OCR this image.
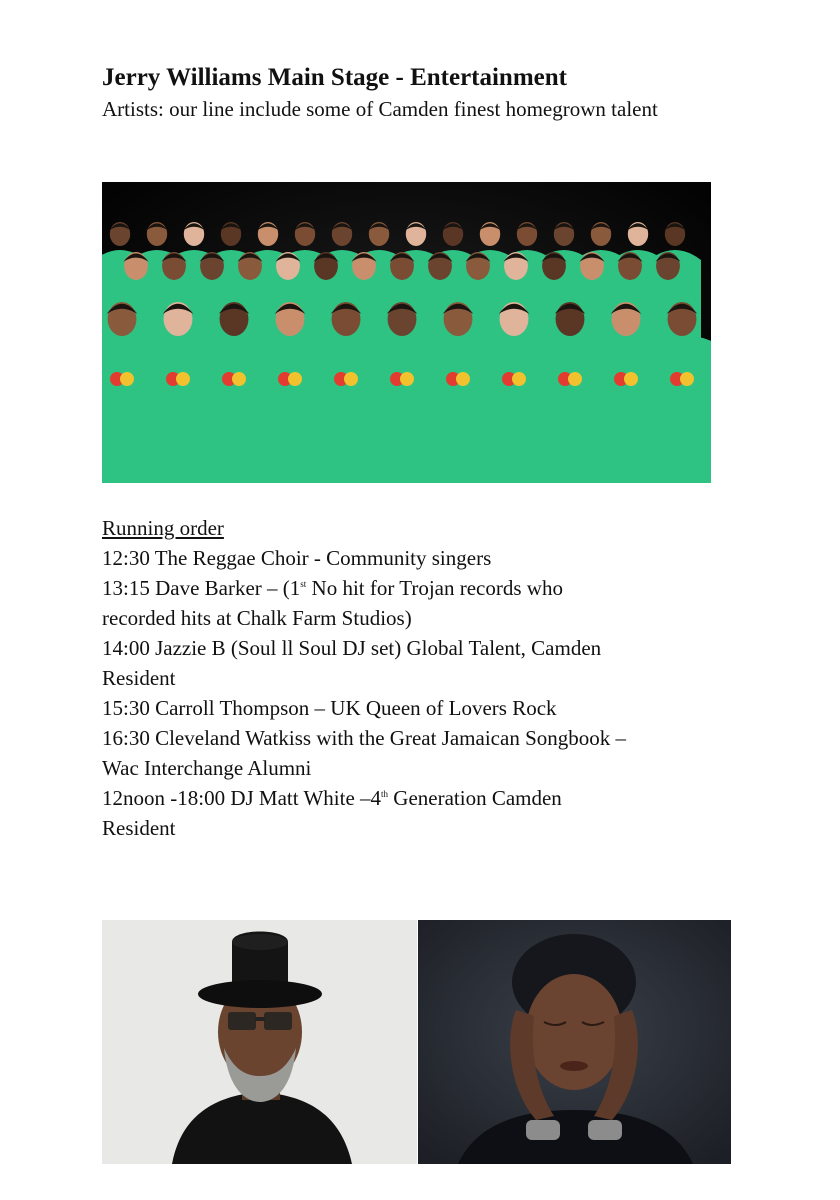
Jerry Williams Main Stage - Entertainment
Artists: our line include some of Camden finest homegrown talent
Running order
12:30 The Reggae Choir - Community singers
13:15 Dave Barker – (1st No hit for Trojan records who
recorded hits at Chalk Farm Studios)
14:00 Jazzie B (Soul ll Soul DJ set) Global Talent, Camden
Resident
15:30 Carroll Thompson – UK Queen of Lovers Rock
16:30 Cleveland Watkiss with the Great Jamaican Songbook –
Wac Interchange Alumni
12noon -18:00 DJ Matt White –4th Generation Camden
Resident
